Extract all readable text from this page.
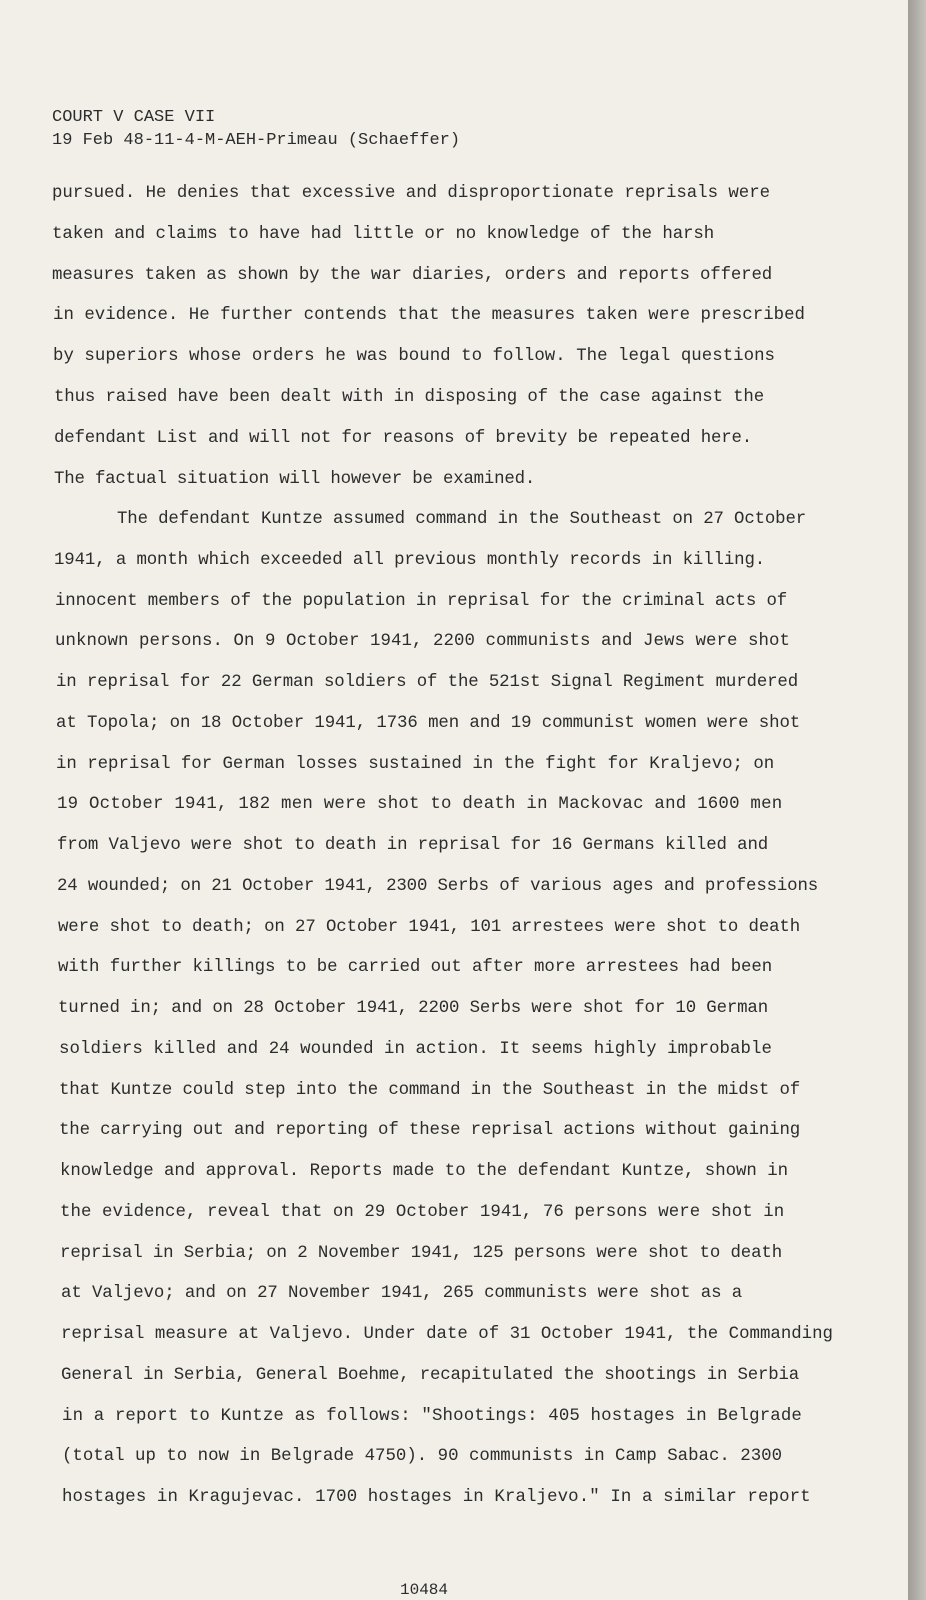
COURT V CASE VII
19 Feb 48-11-4-M-AEH-Primeau (Schaeffer)
pursued. He denies that excessive and disproportionate reprisals were
taken and claims to have had little or no knowledge of the harsh
measures taken as shown by the war diaries, orders and reports offered
in evidence. He further contends that the measures taken were prescribed
by superiors whose orders he was bound to follow. The legal questions
thus raised have been dealt with in disposing of the case against the
defendant List and will not for reasons of brevity be repeated here.
The factual situation will however be examined.
The defendant Kuntze assumed command in the Southeast on 27 October
1941, a month which exceeded all previous monthly records in killing.
innocent members of the population in reprisal for the criminal acts of
unknown persons. On 9 October 1941, 2200 communists and Jews were shot
in reprisal for 22 German soldiers of the 521st Signal Regiment murdered
at Topola; on 18 October 1941, 1736 men and 19 communist women were shot
in reprisal for German losses sustained in the fight for Kraljevo; on
19 October 1941, 182 men were shot to death in Mackovac and 1600 men
from Valjevo were shot to death in reprisal for 16 Germans killed and
24 wounded; on 21 October 1941, 2300 Serbs of various ages and professions
were shot to death; on 27 October 1941, 101 arrestees were shot to death
with further killings to be carried out after more arrestees had been
turned in; and on 28 October 1941, 2200 Serbs were shot for 10 German
soldiers killed and 24 wounded in action. It seems highly improbable
that Kuntze could step into the command in the Southeast in the midst of
the carrying out and reporting of these reprisal actions without gaining
knowledge and approval. Reports made to the defendant Kuntze, shown in
the evidence, reveal that on 29 October 1941, 76 persons were shot in
reprisal in Serbia; on 2 November 1941, 125 persons were shot to death
at Valjevo; and on 27 November 1941, 265 communists were shot as a
reprisal measure at Valjevo. Under date of 31 October 1941, the Commanding
General in Serbia, General Boehme, recapitulated the shootings in Serbia
in a report to Kuntze as follows: "Shootings: 405 hostages in Belgrade
(total up to now in Belgrade 4750). 90 communists in Camp Sabac. 2300
hostages in Kragujevac. 1700 hostages in Kraljevo." In a similar report
10484
